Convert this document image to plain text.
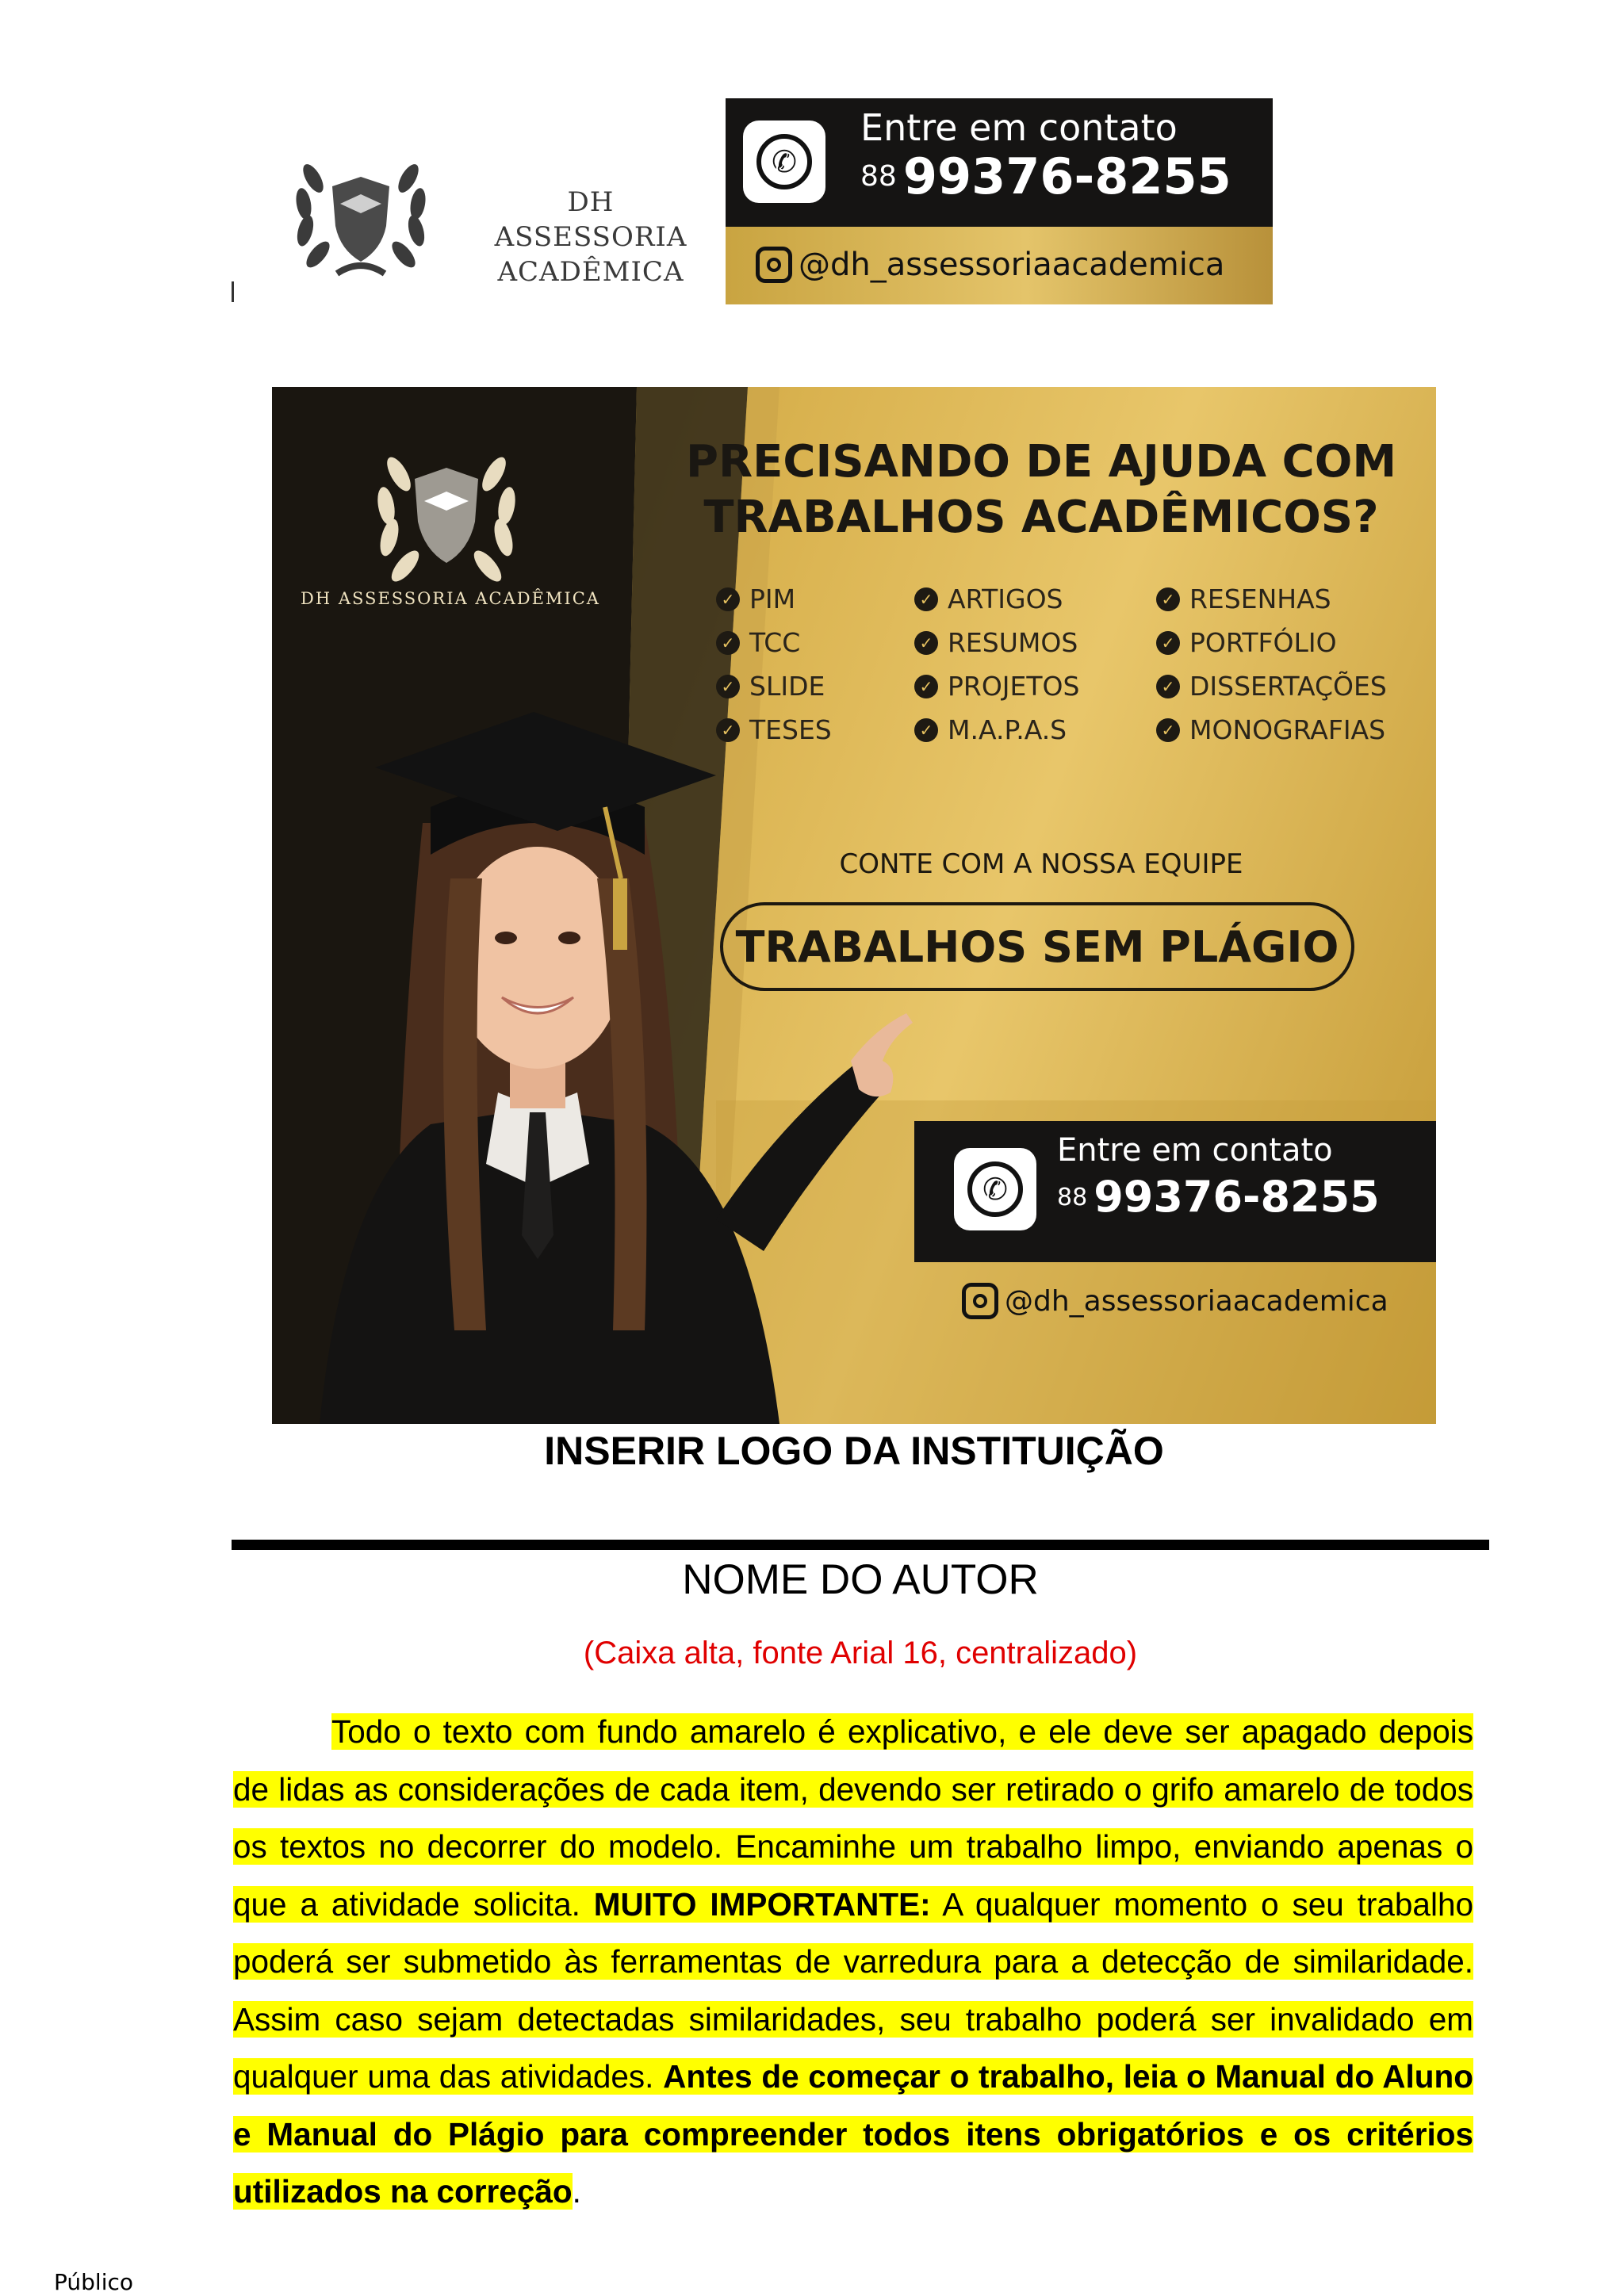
DH ASSESSORIA
ACADÊMICA
✆
Entre em contato
88 99376-8255
@dh_assessoriaacademica
DH ASSESSORIA ACADÊMICA
PRECISANDO DE AJUDA COM
TRABALHOS ACADÊMICOS?
✓ PIM	✓ ARTIGOS	✓ RESENHAS
✓ TCC	✓ RESUMOS	✓ PORTFÓLIO
✓ SLIDE	✓ PROJETOS	✓ DISSERTAÇÕES
✓ TESES	✓ M.A.P.A.S	✓ MONOGRAFIAS
CONTE COM A NOSSA EQUIPE
TRABALHOS SEM PLÁGIO
✆
Entre em contato
88 99376-8255
@dh_assessoriaacademica
INSERIR LOGO DA INSTITUIÇÃO
NOME DO AUTOR
(Caixa alta, fonte Arial 16, centralizado)

Todo o texto com fundo amarelo é explicativo, e ele deve ser apagado depois de lidas as considerações de cada item, devendo ser retirado o grifo amarelo de todos os textos no decorrer do modelo. Encaminhe um trabalho limpo, enviando apenas o que a atividade solicita. MUITO IMPORTANTE: A qualquer momento o seu trabalho poderá ser submetido às ferramentas de varredura para a detecção de similaridade. Assim caso sejam detectadas similaridades, seu trabalho poderá ser invalidado em qualquer uma das atividades. Antes de começar o trabalho, leia o Manual do Aluno e Manual do Plágio para compreender todos itens obrigatórios e os critérios utilizados na correção.

Público
